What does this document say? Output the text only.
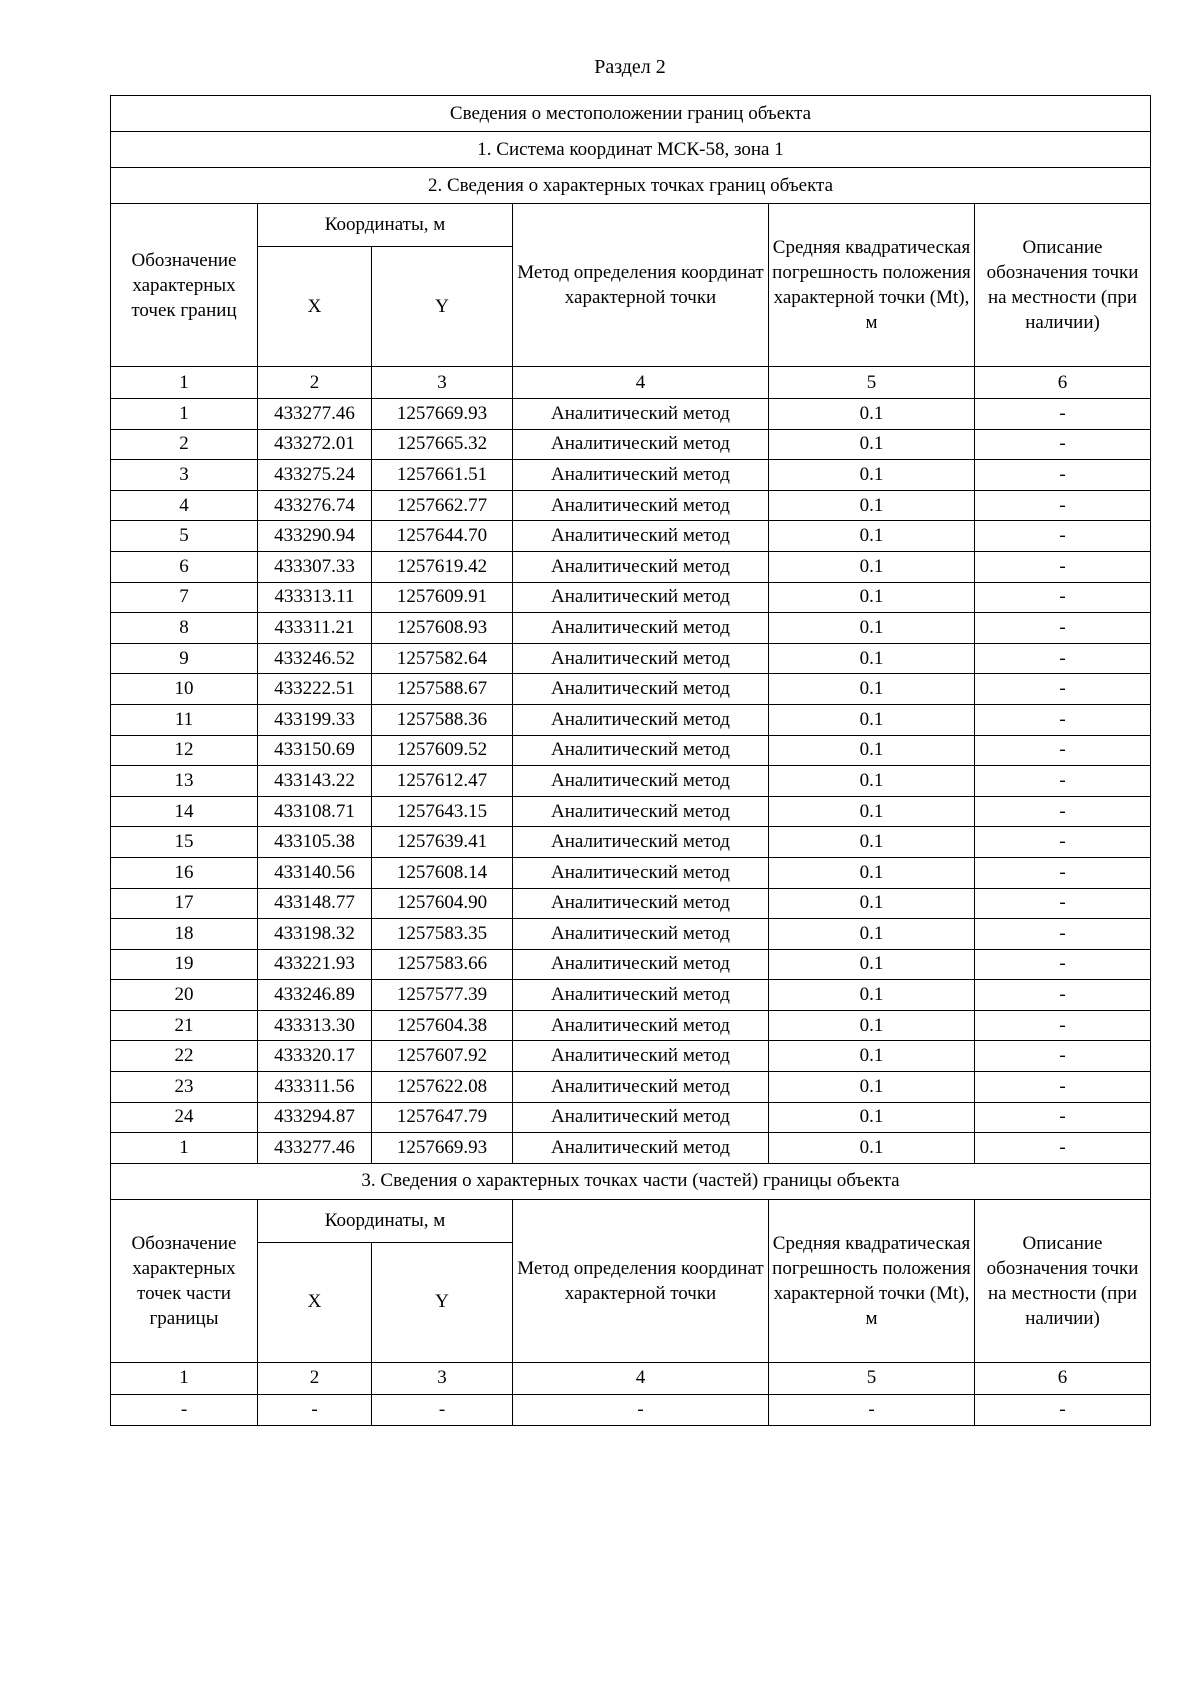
Раздел 2
Сведения о местоположении границ объекта					
1. Система координат МСК-58, зона 1					
2. Сведения о характерных точках границ объекта					
Обозначение характерных точек границ	Координаты, м		Метод определения координат характерной точки	Средняя квадратическая погрешность положения характерной точки (Mt), м	Описание обозначения точки на местности (при наличии)
	X	Y			
1	2	3	4	5	6
1	433277.46	1257669.93	Аналитический метод	0.1	-
2	433272.01	1257665.32	Аналитический метод	0.1	-
3	433275.24	1257661.51	Аналитический метод	0.1	-
4	433276.74	1257662.77	Аналитический метод	0.1	-
5	433290.94	1257644.70	Аналитический метод	0.1	-
6	433307.33	1257619.42	Аналитический метод	0.1	-
7	433313.11	1257609.91	Аналитический метод	0.1	-
8	433311.21	1257608.93	Аналитический метод	0.1	-
9	433246.52	1257582.64	Аналитический метод	0.1	-
10	433222.51	1257588.67	Аналитический метод	0.1	-
11	433199.33	1257588.36	Аналитический метод	0.1	-
12	433150.69	1257609.52	Аналитический метод	0.1	-
13	433143.22	1257612.47	Аналитический метод	0.1	-
14	433108.71	1257643.15	Аналитический метод	0.1	-
15	433105.38	1257639.41	Аналитический метод	0.1	-
16	433140.56	1257608.14	Аналитический метод	0.1	-
17	433148.77	1257604.90	Аналитический метод	0.1	-
18	433198.32	1257583.35	Аналитический метод	0.1	-
19	433221.93	1257583.66	Аналитический метод	0.1	-
20	433246.89	1257577.39	Аналитический метод	0.1	-
21	433313.30	1257604.38	Аналитический метод	0.1	-
22	433320.17	1257607.92	Аналитический метод	0.1	-
23	433311.56	1257622.08	Аналитический метод	0.1	-
24	433294.87	1257647.79	Аналитический метод	0.1	-
1	433277.46	1257669.93	Аналитический метод	0.1	-
3. Сведения о характерных точках части (частей) границы объекта					
Обозначение характерных точек части границы	Координаты, м		Метод определения координат характерной точки	Средняя квадратическая погрешность положения характерной точки (Mt), м	Описание обозначения точки на местности (при наличии)
	X	Y			
1	2	3	4	5	6
-	-	-	-	-	-
